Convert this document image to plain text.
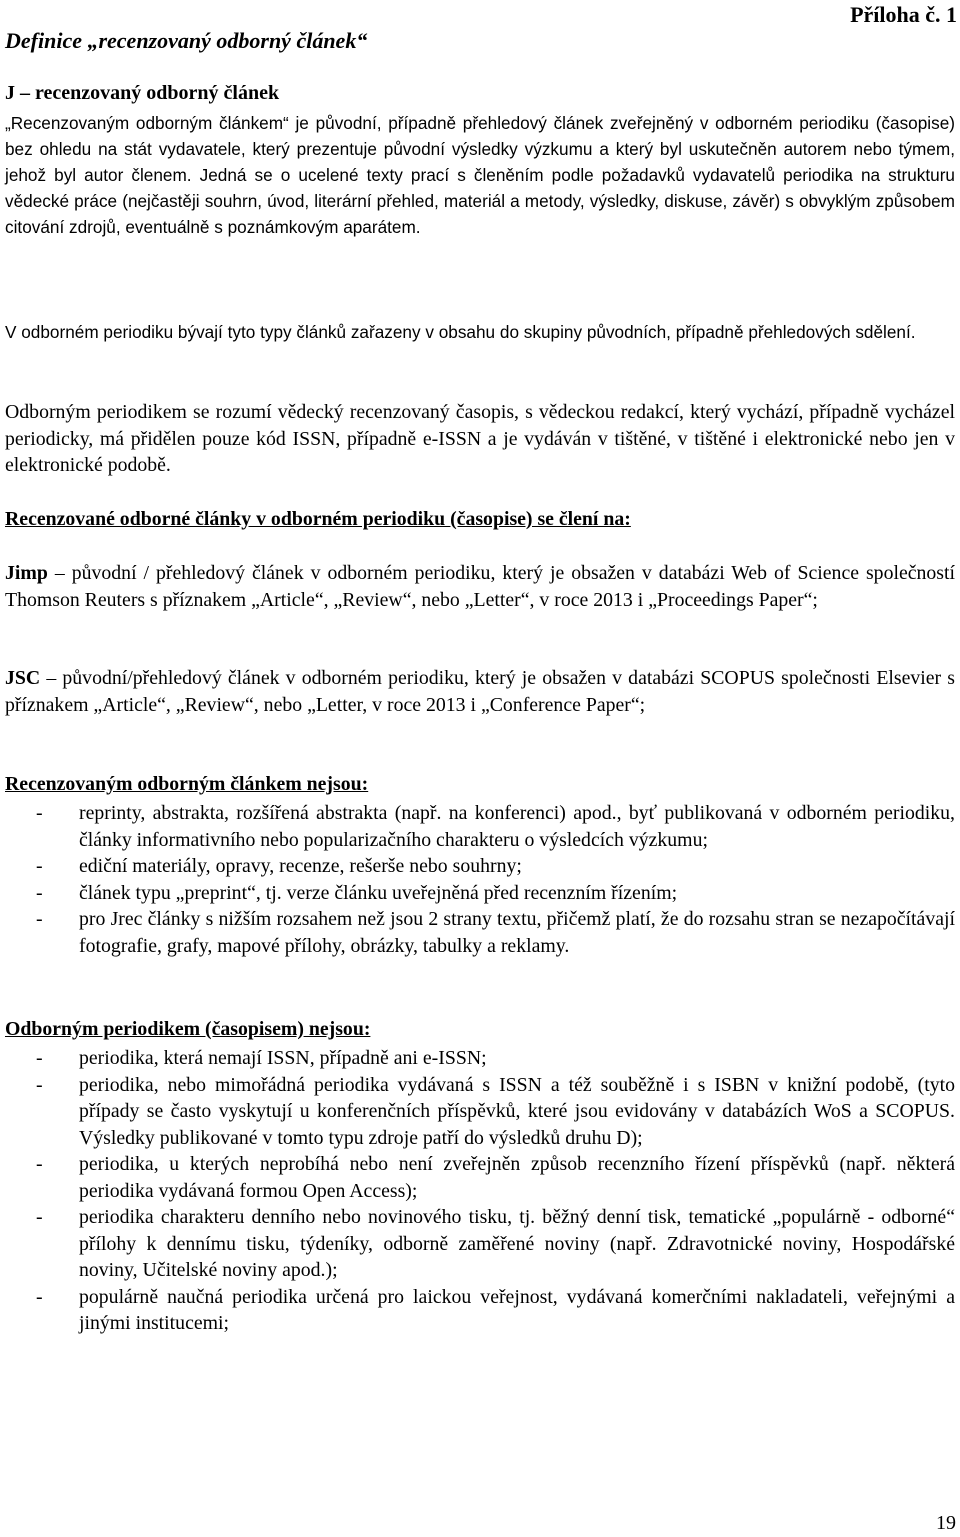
Definice „recenzovaný odborný článek“
Příloha č. 1
J – recenzovaný odborný článek

„Recenzovaným odborným článkem“ je původní, případně přehledový článek zveřejněný v odborném periodiku (časopise) bez ohledu na stát vydavatele, který prezentuje původní výsledky výzkumu a který byl uskutečněn autorem nebo týmem, jehož byl autor členem. Jedná se o ucelené texty prací s členěním podle požadavků vydavatelů periodika na strukturu vědecké práce (nejčastěji souhrn, úvod, literární přehled, materiál a metody, výsledky, diskuse, závěr) s obvyklým způsobem citování zdrojů, eventuálně s poznámkovým aparátem.

V odborném periodiku bývají tyto typy článků zařazeny v obsahu do skupiny původních, případně přehledových sdělení.

Odborným periodikem se rozumí vědecký recenzovaný časopis, s vědeckou redakcí, který vychází, případně vycházel periodicky, má přidělen pouze kód ISSN, případně e-ISSN a je vydáván v tištěné, v tištěné i elektronické nebo jen v elektronické podobě.

Recenzované odborné články v odborném periodiku (časopise) se člení na:

Jimp – původní / přehledový článek v odborném periodiku, který je obsažen v databázi Web of Science společností Thomson Reuters s příznakem „Article“, „Review“, nebo „Letter“, v roce 2013 i „Proceedings Paper“;

JSC – původní/přehledový článek v odborném periodiku, který je obsažen v databázi SCOPUS společnosti Elsevier s příznakem „Article“, „Review“, nebo „Letter, v roce 2013 i „Conference Paper“;

Recenzovaným odborným článkem nejsou:
- reprinty, abstrakta, rozšířená abstrakta (např. na konferenci) apod., byť publikovaná v odborném periodiku, články informativního nebo popularizačního charakteru o výsledcích výzkumu;
- ediční materiály, opravy, recenze, rešerše nebo souhrny;
- článek typu „preprint“, tj. verze článku uveřejněná před recenzním řízením;
- pro Jrec články s nižším rozsahem než jsou 2 strany textu, přičemž platí, že do rozsahu stran se nezapočítávají fotografie, grafy, mapové přílohy, obrázky, tabulky a reklamy.
Odborným periodikem (časopisem) nejsou:
- periodika, která nemají ISSN, případně ani e-ISSN;
- periodika, nebo mimořádná periodika vydávaná s ISSN a též souběžně i s ISBN v knižní podobě, (tyto případy se často vyskytují u konferenčních příspěvků, které jsou evidovány v databázích WoS a SCOPUS. Výsledky publikované v tomto typu zdroje patří do výsledků druhu D);
- periodika, u kterých neprobíhá nebo není zveřejněn způsob recenzního řízení příspěvků (např. některá periodika vydávaná formou Open Access);
- periodika charakteru denního nebo novinového tisku, tj. běžný denní tisk, tematické „populárně - odborné“ přílohy k dennímu tisku, týdeníky, odborně zaměřené noviny (např. Zdravotnické noviny, Hospodářské noviny, Učitelské noviny apod.);
- populárně naučná periodika určená pro laickou veřejnost, vydávaná komerčními nakladateli, veřejnými a jinými institucemi;
19
